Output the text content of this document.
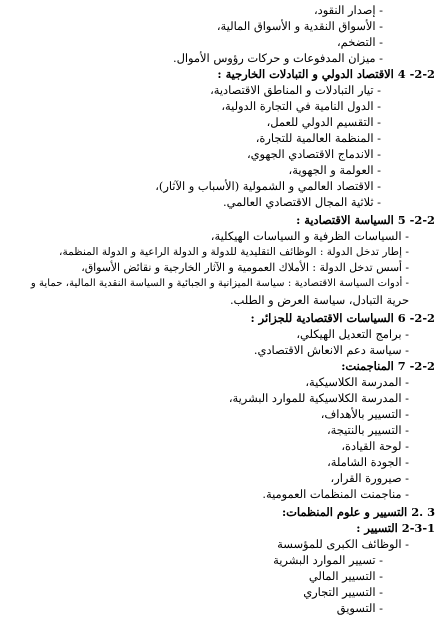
- إصدار النقود،
- الأسواق النقدية و الأسواق المالية،
- التضخم،
- ميزان المدفوعات و حركات رؤوس الأموال.
2-2- 4 الاقتصاد الدولي و التبادلات الخارجية :
- تيار التبادلات و المناطق الاقتصادية،
- الدول النامية في التجارة الدولية،
- التقسيم الدولي للعمل،
- المنظمة العالمية للتجارة،
- الاندماج الاقتصادي الجهوي،
- العولمة و الجهوية،
- الاقتصاد العالمي و الشمولية (الأسباب و الآثار)،
- ثلاثية المجال الاقتصادي العالمي.
2-2- 5 السياسة الاقتصادية :
- السياسات الظرفية و السياسات الهيكلية،
- إطار تدخل الدولة : الوظائف التقليدية للدولة و الدولة الراعية و الدولة المنظمة،
- أسس تدخل الدولة : الأملاك العمومية و الآثار الخارجية و نقائض الأسواق،
- أدوات السياسة الاقتصادية : سياسة الميزانية و الجبائية و السياسة النقدية المالية، حماية و
حرية التبادل، سياسة العرض و الطلب.
2-2- 6 السياسات الاقتصادية للجزائر :
- برامج التعديل الهيكلي،
- سياسة دعم الانعاش الاقتصادي.
2-2- 7 المناجمنت:
- المدرسة الكلاسيكية،
- المدرسة الكلاسيكية للموارد البشرية،
- التسيير بالأهداف،
- التسيير بالنتيجة،
- لوحة القيادة،
- الجودة الشاملة،
- صيرورة القرار،
- مناجمنت المنظمات العمومية.
3 .2 التسيير و علوم المنظمات:
2-3-1 التسيير :
- الوظائف الكبرى للمؤسسة
- تسيير الموارد البشرية
- التسيير المالي
- التسيير التجاري
- التسويق
